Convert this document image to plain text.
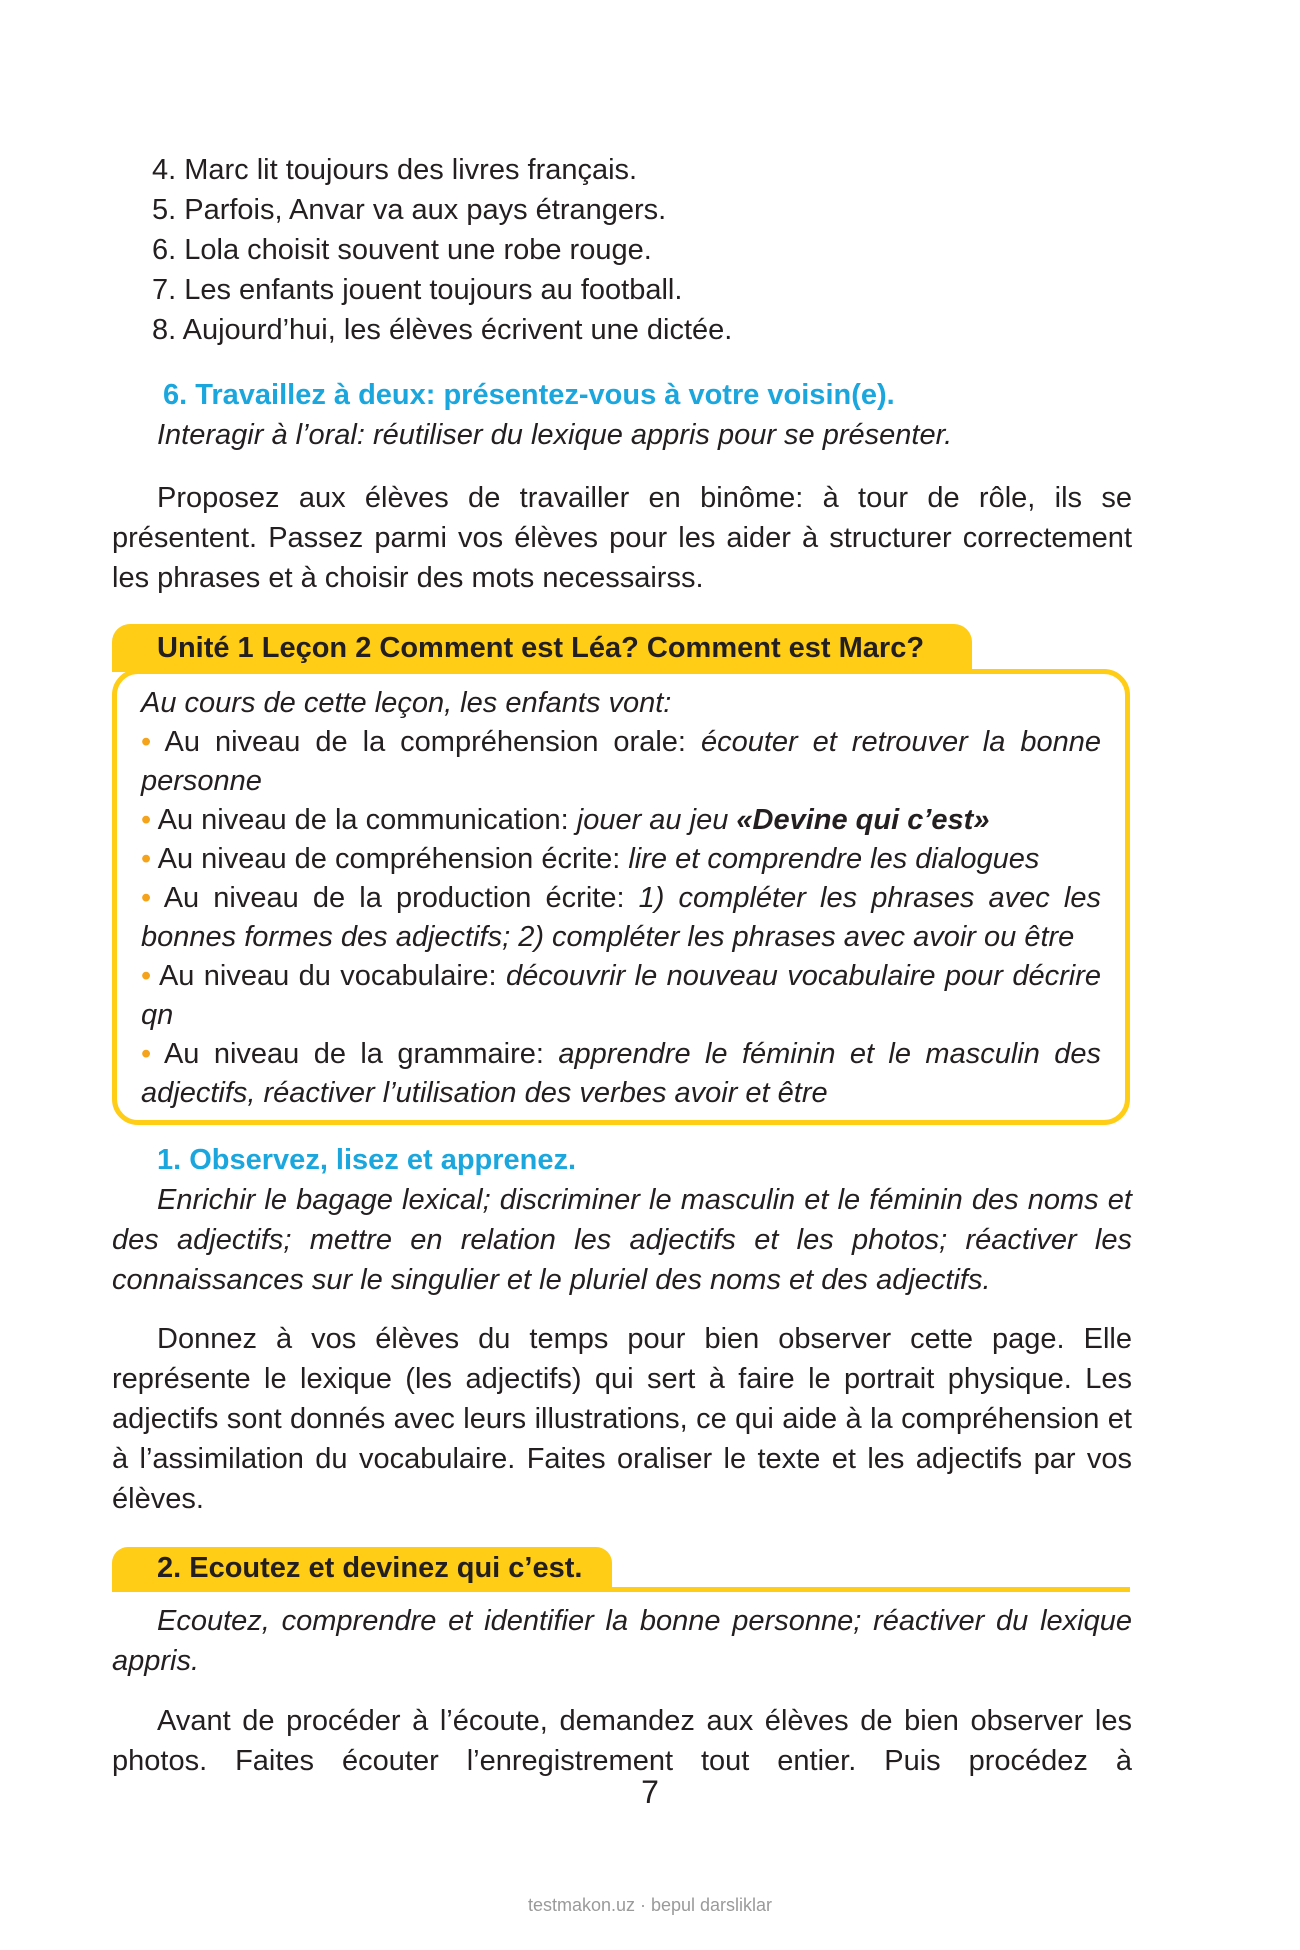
4. Marc lit toujours des livres français.
5. Parfois, Anvar va aux pays étrangers.
6. Lola choisit souvent une robe rouge.
7. Les enfants jouent toujours au football.
8. Aujourd’hui, les élèves écrivent une dictée.
6. Travaillez à deux: présentez-vous à votre voisin(e).
Interagir à l’oral: réutiliser du lexique appris pour se présenter.

Proposez aux élèves de travailler en binôme: à tour de rôle, ils se présentent. Passez parmi vos élèves pour les aider à structurer correctement les phrases et à choisir des mots necessairss.

Unité 1 Leçon 2 Comment est Léa? Comment est Marc?

Au cours de cette leçon, les enfants vont:

• Au niveau de la compréhension orale: écouter et retrouver la bonne personne

• Au niveau de la communication: jouer au jeu «Devine qui c’est»

• Au niveau de compréhension écrite: lire et comprendre les dialogues

• Au niveau de la production écrite: 1) compléter les phrases avec les bonnes formes des adjectifs; 2) compléter les phrases avec avoir ou être

• Au niveau du vocabulaire: découvrir le nouveau vocabulaire pour décrire qn

• Au niveau de la grammaire: apprendre le féminin et le masculin des adjectifs, réactiver l’utilisation des verbes avoir et être

1. Observez, lisez et apprenez.

Enrichir le bagage lexical; discriminer le masculin et le féminin des noms et des adjectifs; mettre en relation les adjectifs et les photos; réactiver les connaissances sur le singulier et le pluriel des noms et des adjectifs.

Donnez à vos élèves du temps pour bien observer cette page. Elle représente le lexique (les adjectifs) qui sert à faire le portrait physique. Les adjectifs sont donnés avec leurs illustrations, ce qui aide à la compréhension et à l’assimilation du vocabulaire. Faites oraliser le texte et les adjectifs par vos élèves.

2. Ecoutez et devinez qui c’est.

Ecoutez, comprendre et identifier la bonne personne; réactiver du lexique appris.

Avant de procéder à l’écoute, demandez aux élèves de bien observer les photos. Faites écouter l’enregistrement tout entier. Puis procédez à

7
testmakon.uz · bepul darsliklar
